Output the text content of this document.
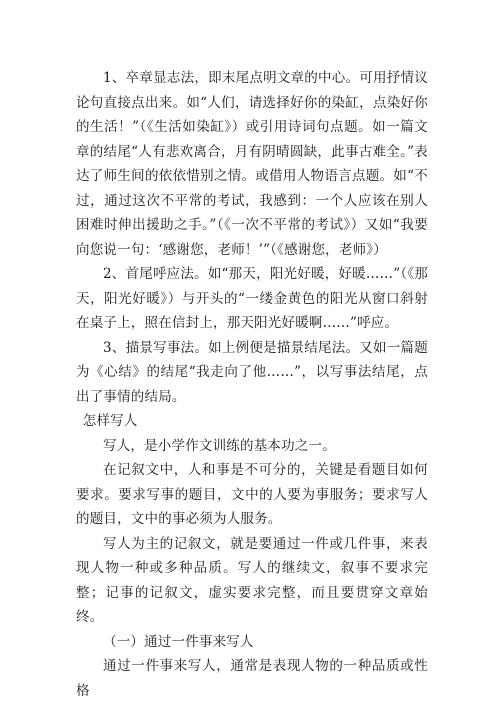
1、卒章显志法，即末尾点明文章的中心。可用抒情议论句直接点出来。如“人们，请选择好你的染缸，点染好你的生活！”（《生活如染缸》）或引用诗词句点题。如一篇文章的结尾“人有悲欢离合，月有阴晴圆缺，此事古难全。”表达了师生间的依依惜别之情。或借用人物语言点题。如“不过，通过这次不平常的考试，我感到：一个人应该在别人困难时伸出援助之手。”（《一次不平常的考试》）又如“我要向您说一句：‘感谢您，老师！’”（《感谢您，老师》）

2、首尾呼应法。如“那天，阳光好暖，好暖……”（《那天，阳光好暖》）与开头的“一缕金黄色的阳光从窗口斜射在桌子上，照在信封上，那天阳光好暖啊……”呼应。

3、描景写事法。如上例便是描景结尾法。又如一篇题为《心结》的结尾“我走向了他……”，以写事法结尾，点出了事情的结局。

怎样写人

写人，是小学作文训练的基本功之一。

在记叙文中，人和事是不可分的，关键是看题目如何要求。要求写事的题目，文中的人要为事服务；要求写人的题目，文中的事必须为人服务。

写人为主的记叙文，就是要通过一件或几件事，来表现人物一种或多种品质。写人的继续文，叙事不要求完整；记事的记叙文，虚实要求完整，而且要贯穿文章始终。

（一）通过一件事来写人

通过一件事来写人，通常是表现人物的一种品质或性格
